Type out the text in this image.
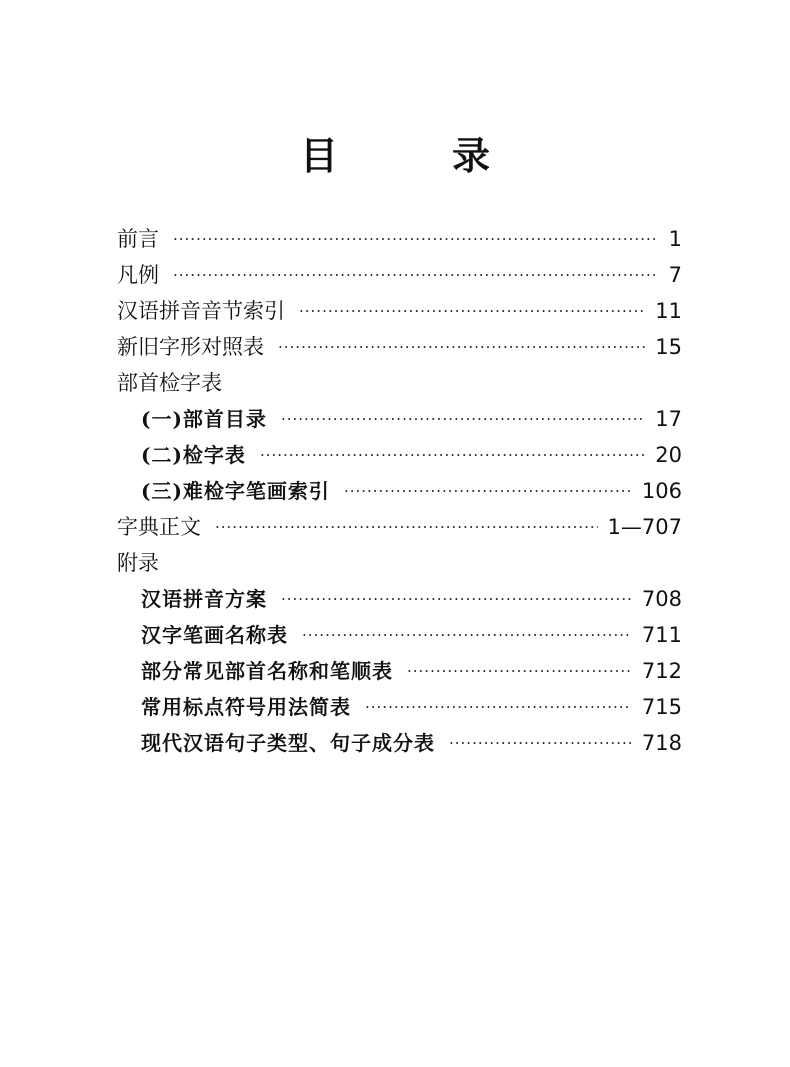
目　录
前言 ·····	1
凡例 ·····	7
汉语拼音音节索引 ·····	11
新旧字形对照表 ·····	15
部首检字表
(一)部首目录 ·····	17
(二)检字表 ·····	20
(三)难检字笔画索引 ·····	106
字典正文 ·····	1—707
附录
汉语拼音方案 ·····	708
汉字笔画名称表 ·····	711
部分常见部首名称和笔顺表 ·····	712
常用标点符号用法简表 ·····	715
现代汉语句子类型、句子成分表 ·····	718
